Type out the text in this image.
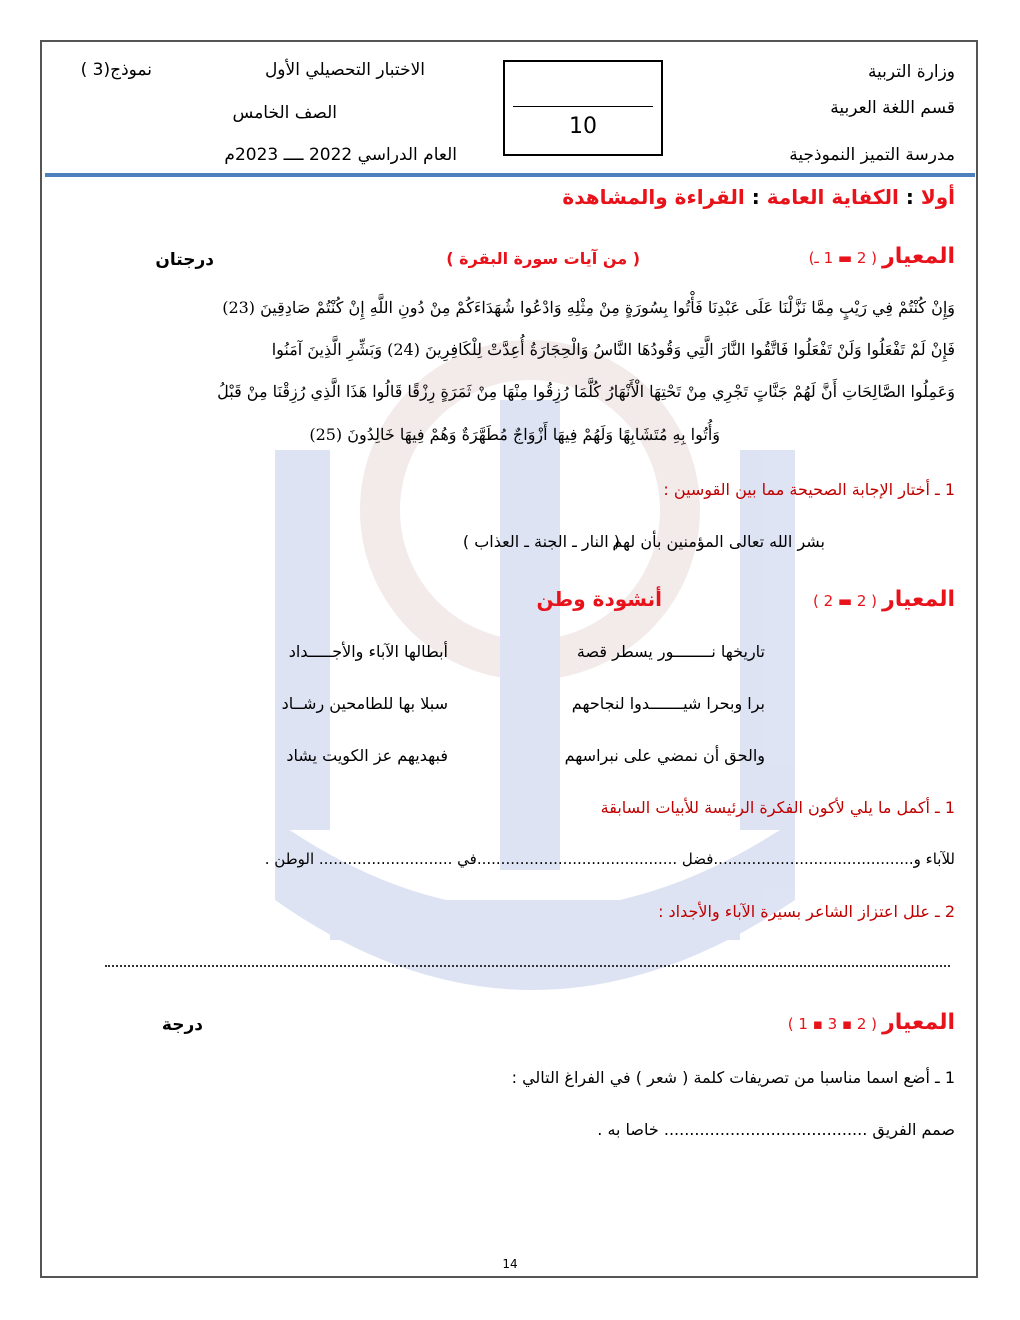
وزارة التربية
قسم اللغة العربية
مدرسة التميز النموذجية
الاختبار التحصيلي الأول
نموذج(3 )
الصف الخامس
العام الدراسي 2022 ــــ 2023م
10
أولا : الكفاية العامة : القراءة والمشاهدة
المعيار ( 2 ▬ 1 ـ)
( من آيات سورة البقرة )
درجتان
وَإِنْ كُنْتُمْ فِي رَيْبٍ مِمَّا نَزَّلْنَا عَلَى عَبْدِنَا فَأْتُوا بِسُورَةٍ مِنْ مِثْلِهِ وَادْعُوا شُهَدَاءَكُمْ مِنْ دُونِ اللَّهِ إِنْ كُنْتُمْ صَادِقِينَ (23)
فَإِنْ لَمْ تَفْعَلُوا وَلَنْ تَفْعَلُوا فَاتَّقُوا النَّارَ الَّتِي وَقُودُهَا النَّاسُ وَالْحِجَارَةُ أُعِدَّتْ لِلْكَافِرِينَ (24) وَبَشِّرِ الَّذِينَ آمَنُوا
وَعَمِلُوا الصَّالِحَاتِ أَنَّ لَهُمْ جَنَّاتٍ تَجْرِي مِنْ تَحْتِهَا الْأَنْهَارُ كُلَّمَا رُزِقُوا مِنْهَا مِنْ ثَمَرَةٍ رِزْقًا قَالُوا هَذَا الَّذِي رُزِقْنَا مِنْ قَبْلُ
وَأُتُوا بِهِ مُتَشَابِهًا وَلَهُمْ فِيهَا أَزْوَاجٌ مُطَهَّرَةٌ وَهُمْ فِيهَا خَالِدُونَ (25)
1 ـ أختار الإجابة الصحيحة مما بين القوسين :
بشر الله تعالى المؤمنين بأن لهم
( النار ـ الجنة ـ العذاب )
المعيار ( 2 ▬ 2 )
أنشودة وطن
تاريخها نــــــــور يسطر قصة
أبطالها الآباء والأجـــــداد
برا وبحرا شيـــــــدوا لنجاحهم
سبلا بها للطامحين رشــاد
والحق أن نمضي على نبراسهم
فبهديهم عز الكويت يشاد
1 ـ أكمل ما يلي لأكون الفكرة الرئيسة للأبيات السابقة
للآباء و..........................................فضل ..........................................في ............................ الوطن .
2 ـ علل اعتزاز الشاعر بسيرة الآباء والأجداد :
المعيار ( 2 ▪ 3 ▪ 1 )
درجة
1 ـ أضع اسما مناسبا من تصريفات كلمة ( شعر ) في الفراغ التالي :
صمم الفريق ........................................ خاصا به .
14
